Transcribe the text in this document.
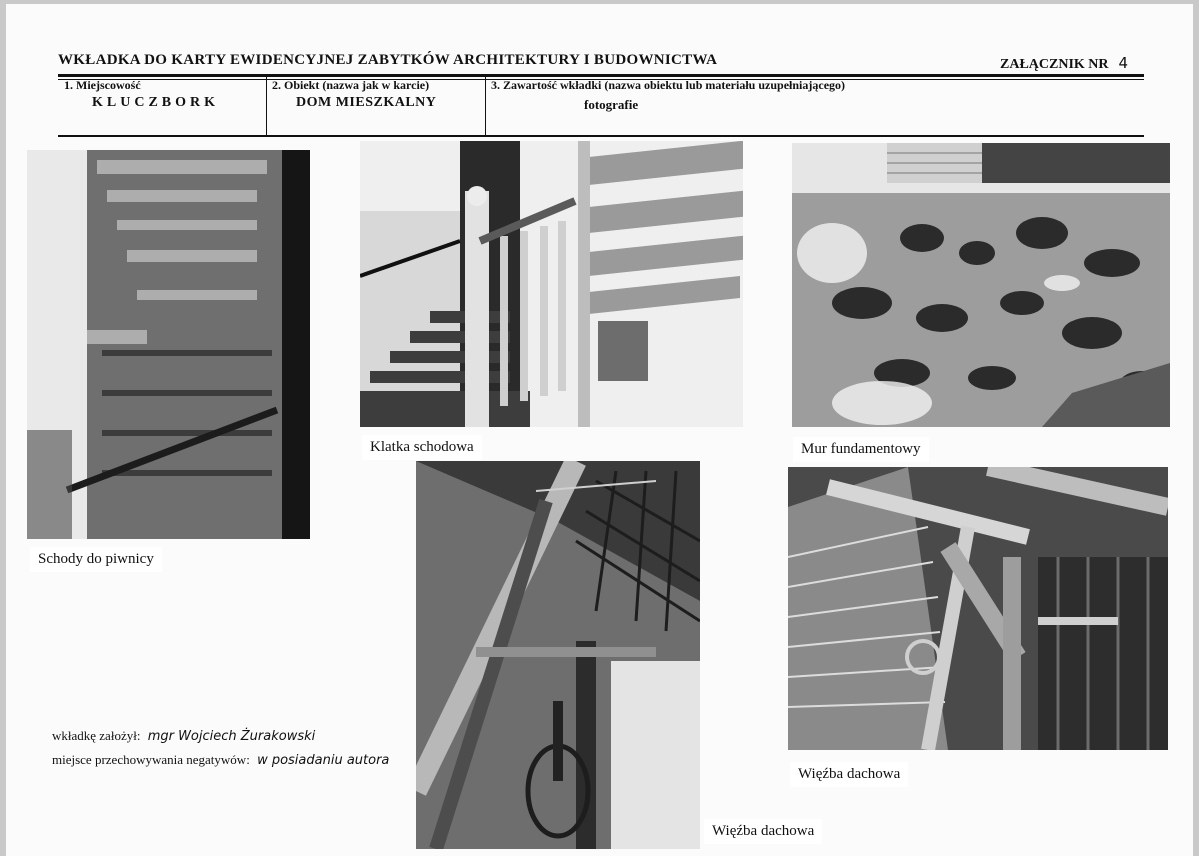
WKŁADKA DO KARTY EWIDENCYJNEJ ZABYTKÓW ARCHITEKTURY I BUDOWNICTWA	ZAŁĄCZNIK NR 4
1. Miejscowość
KLUCZBORK
2. Obiekt (nazwa jak w karcie)
DOM MIESZKALNY
3. Zawartość wkładki (nazwa obiektu lub materiału uzupełniającego)
fotografie
Schody do piwnicy
Klatka schodowa	Mur fundamentowy
Więźba dachowa
Więźba dachowa
wkładkę założył: mgr Wojciech Żurakowski
miejsce przechowywania negatywów: w posiadaniu autora
